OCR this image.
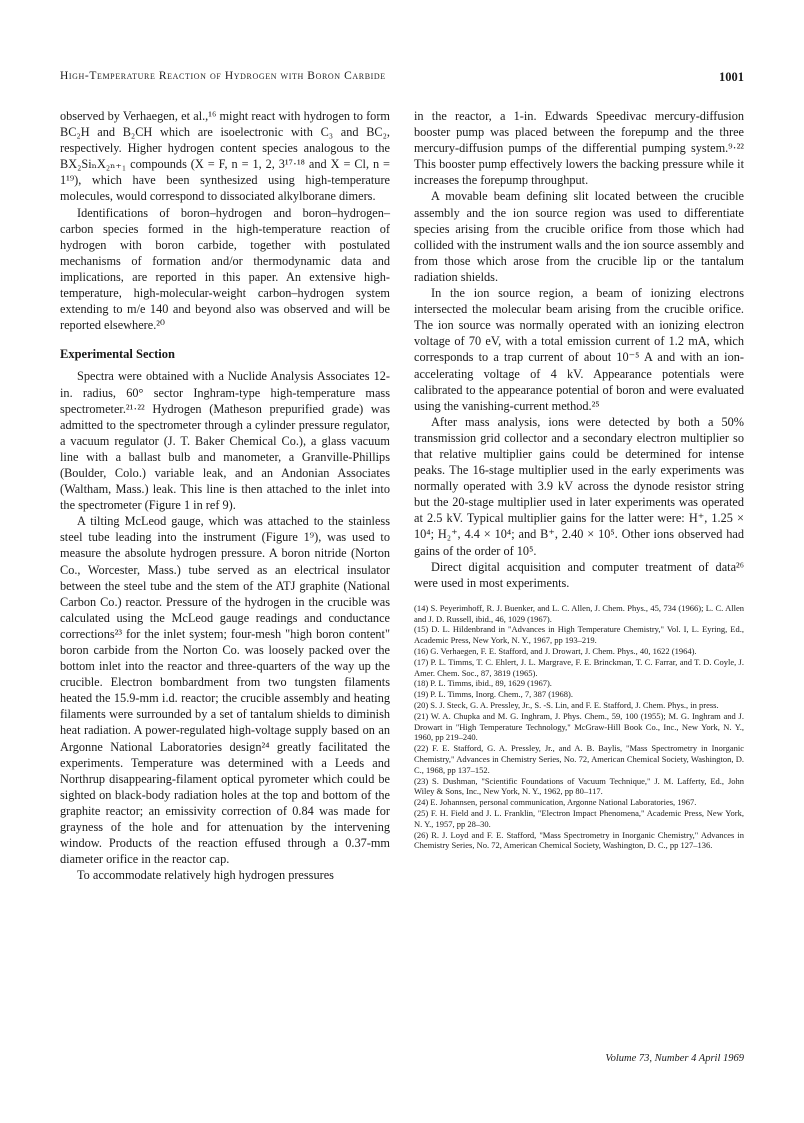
High-Temperature Reaction of Hydrogen with Boron Carbide	1001

observed by Verhaegen, et al.,¹⁶ might react with hydrogen to form BC₂H and B₂CH which are isoelectronic with C₃ and BC₂, respectively. Higher hydrogen content species analogous to the BX₂SiₙX₂ₙ₊₁ compounds (X = F, n = 1, 2, 3¹⁷·¹⁸ and X = Cl, n = 1¹⁹), which have been synthesized using high-temperature molecules, would correspond to dissociated alkylborane dimers.

Identifications of boron–hydrogen and boron–hydrogen–carbon species formed in the high-temperature reaction of hydrogen with boron carbide, together with postulated mechanisms of formation and/or thermodynamic data and implications, are reported in this paper. An extensive high-temperature, high-molecular-weight carbon–hydrogen system extending to m/e 140 and beyond also was observed and will be reported elsewhere.²⁰

Experimental Section

Spectra were obtained with a Nuclide Analysis Associates 12-in. radius, 60° sector Inghram-type high-temperature mass spectrometer.²¹·²² Hydrogen (Matheson prepurified grade) was admitted to the spectrometer through a cylinder pressure regulator, a vacuum regulator (J. T. Baker Chemical Co.), a glass vacuum line with a ballast bulb and manometer, a Granville-Phillips (Boulder, Colo.) variable leak, and an Andonian Associates (Waltham, Mass.) leak. This line is then attached to the inlet into the spectrometer (Figure 1 in ref 9).

A tilting McLeod gauge, which was attached to the stainless steel tube leading into the instrument (Figure 1⁹), was used to measure the absolute hydrogen pressure. A boron nitride (Norton Co., Worcester, Mass.) tube served as an electrical insulator between the steel tube and the stem of the ATJ graphite (National Carbon Co.) reactor. Pressure of the hydrogen in the crucible was calculated using the McLeod gauge readings and conductance corrections²³ for the inlet system; four-mesh "high boron content" boron carbide from the Norton Co. was loosely packed over the bottom inlet into the reactor and three-quarters of the way up the crucible. Electron bombardment from two tungsten filaments heated the 15.9-mm i.d. reactor; the crucible assembly and heating filaments were surrounded by a set of tantalum shields to diminish heat radiation. A power-regulated high-voltage supply based on an Argonne National Laboratories design²⁴ greatly facilitated the experiments. Temperature was determined with a Leeds and Northrup disappearing-filament optical pyrometer which could be sighted on black-body radiation holes at the top and bottom of the graphite reactor; an emissivity correction of 0.84 was made for grayness of the hole and for attenuation by the intervening window. Products of the reaction effused through a 0.37-mm diameter orifice in the reactor cap.

To accommodate relatively high hydrogen pressures

in the reactor, a 1-in. Edwards Speedivac mercury-diffusion booster pump was placed between the forepump and the three mercury-diffusion pumps of the differential pumping system.⁹·²² This booster pump effectively lowers the backing pressure while it increases the forepump throughput.

A movable beam defining slit located between the crucible assembly and the ion source region was used to differentiate species arising from the crucible orifice from those which had collided with the instrument walls and the ion source assembly and from those which arose from the crucible lip or the tantalum radiation shields.

In the ion source region, a beam of ionizing electrons intersected the molecular beam arising from the crucible orifice. The ion source was normally operated with an ionizing electron voltage of 70 eV, with a total emission current of 1.2 mA, which corresponds to a trap current of about 10⁻⁵ A and with an ion-accelerating voltage of 4 kV. Appearance potentials were calibrated to the appearance potential of boron and were evaluated using the vanishing-current method.²⁵

After mass analysis, ions were detected by both a 50% transmission grid collector and a secondary electron multiplier so that relative multiplier gains could be determined for intense peaks. The 16-stage multiplier used in the early experiments was normally operated with 3.9 kV across the dynode resistor string but the 20-stage multiplier used in later experiments was operated at 2.5 kV. Typical multiplier gains for the latter were: H⁺, 1.25 × 10⁴; H₂⁺, 4.4 × 10⁴; and B⁺, 2.40 × 10⁵. Other ions observed had gains of the order of 10⁵.

Direct digital acquisition and computer treatment of data²⁶ were used in most experiments.

(14) S. Peyerimhoff, R. J. Buenker, and L. C. Allen, J. Chem. Phys., 45, 734 (1966); L. C. Allen and J. D. Russell, ibid., 46, 1029 (1967).

(15) D. L. Hildenbrand in "Advances in High Temperature Chemistry," Vol. I, L. Eyring, Ed., Academic Press, New York, N. Y., 1967, pp 193–219.

(16) G. Verhaegen, F. E. Stafford, and J. Drowart, J. Chem. Phys., 40, 1622 (1964).

(17) P. L. Timms, T. C. Ehlert, J. L. Margrave, F. E. Brinckman, T. C. Farrar, and T. D. Coyle, J. Amer. Chem. Soc., 87, 3819 (1965).

(18) P. L. Timms, ibid., 89, 1629 (1967).

(19) P. L. Timms, Inorg. Chem., 7, 387 (1968).

(20) S. J. Steck, G. A. Pressley, Jr., S. -S. Lin, and F. E. Stafford, J. Chem. Phys., in press.

(21) W. A. Chupka and M. G. Inghram, J. Phys. Chem., 59, 100 (1955); M. G. Inghram and J. Drowart in "High Temperature Technology," McGraw-Hill Book Co., Inc., New York, N. Y., 1960, pp 219–240.

(22) F. E. Stafford, G. A. Pressley, Jr., and A. B. Baylis, "Mass Spectrometry in Inorganic Chemistry," Advances in Chemistry Series, No. 72, American Chemical Society, Washington, D. C., 1968, pp 137–152.

(23) S. Dushman, "Scientific Foundations of Vacuum Technique," J. M. Lafferty, Ed., John Wiley & Sons, Inc., New York, N. Y., 1962, pp 80–117.

(24) E. Johannsen, personal communication, Argonne National Laboratories, 1967.

(25) F. H. Field and J. L. Franklin, "Electron Impact Phenomena," Academic Press, New York, N. Y., 1957, pp 28–30.

(26) R. J. Loyd and F. E. Stafford, "Mass Spectrometry in Inorganic Chemistry," Advances in Chemistry Series, No. 72, American Chemical Society, Washington, D. C., pp 127–136.

Volume 73, Number 4 April 1969
